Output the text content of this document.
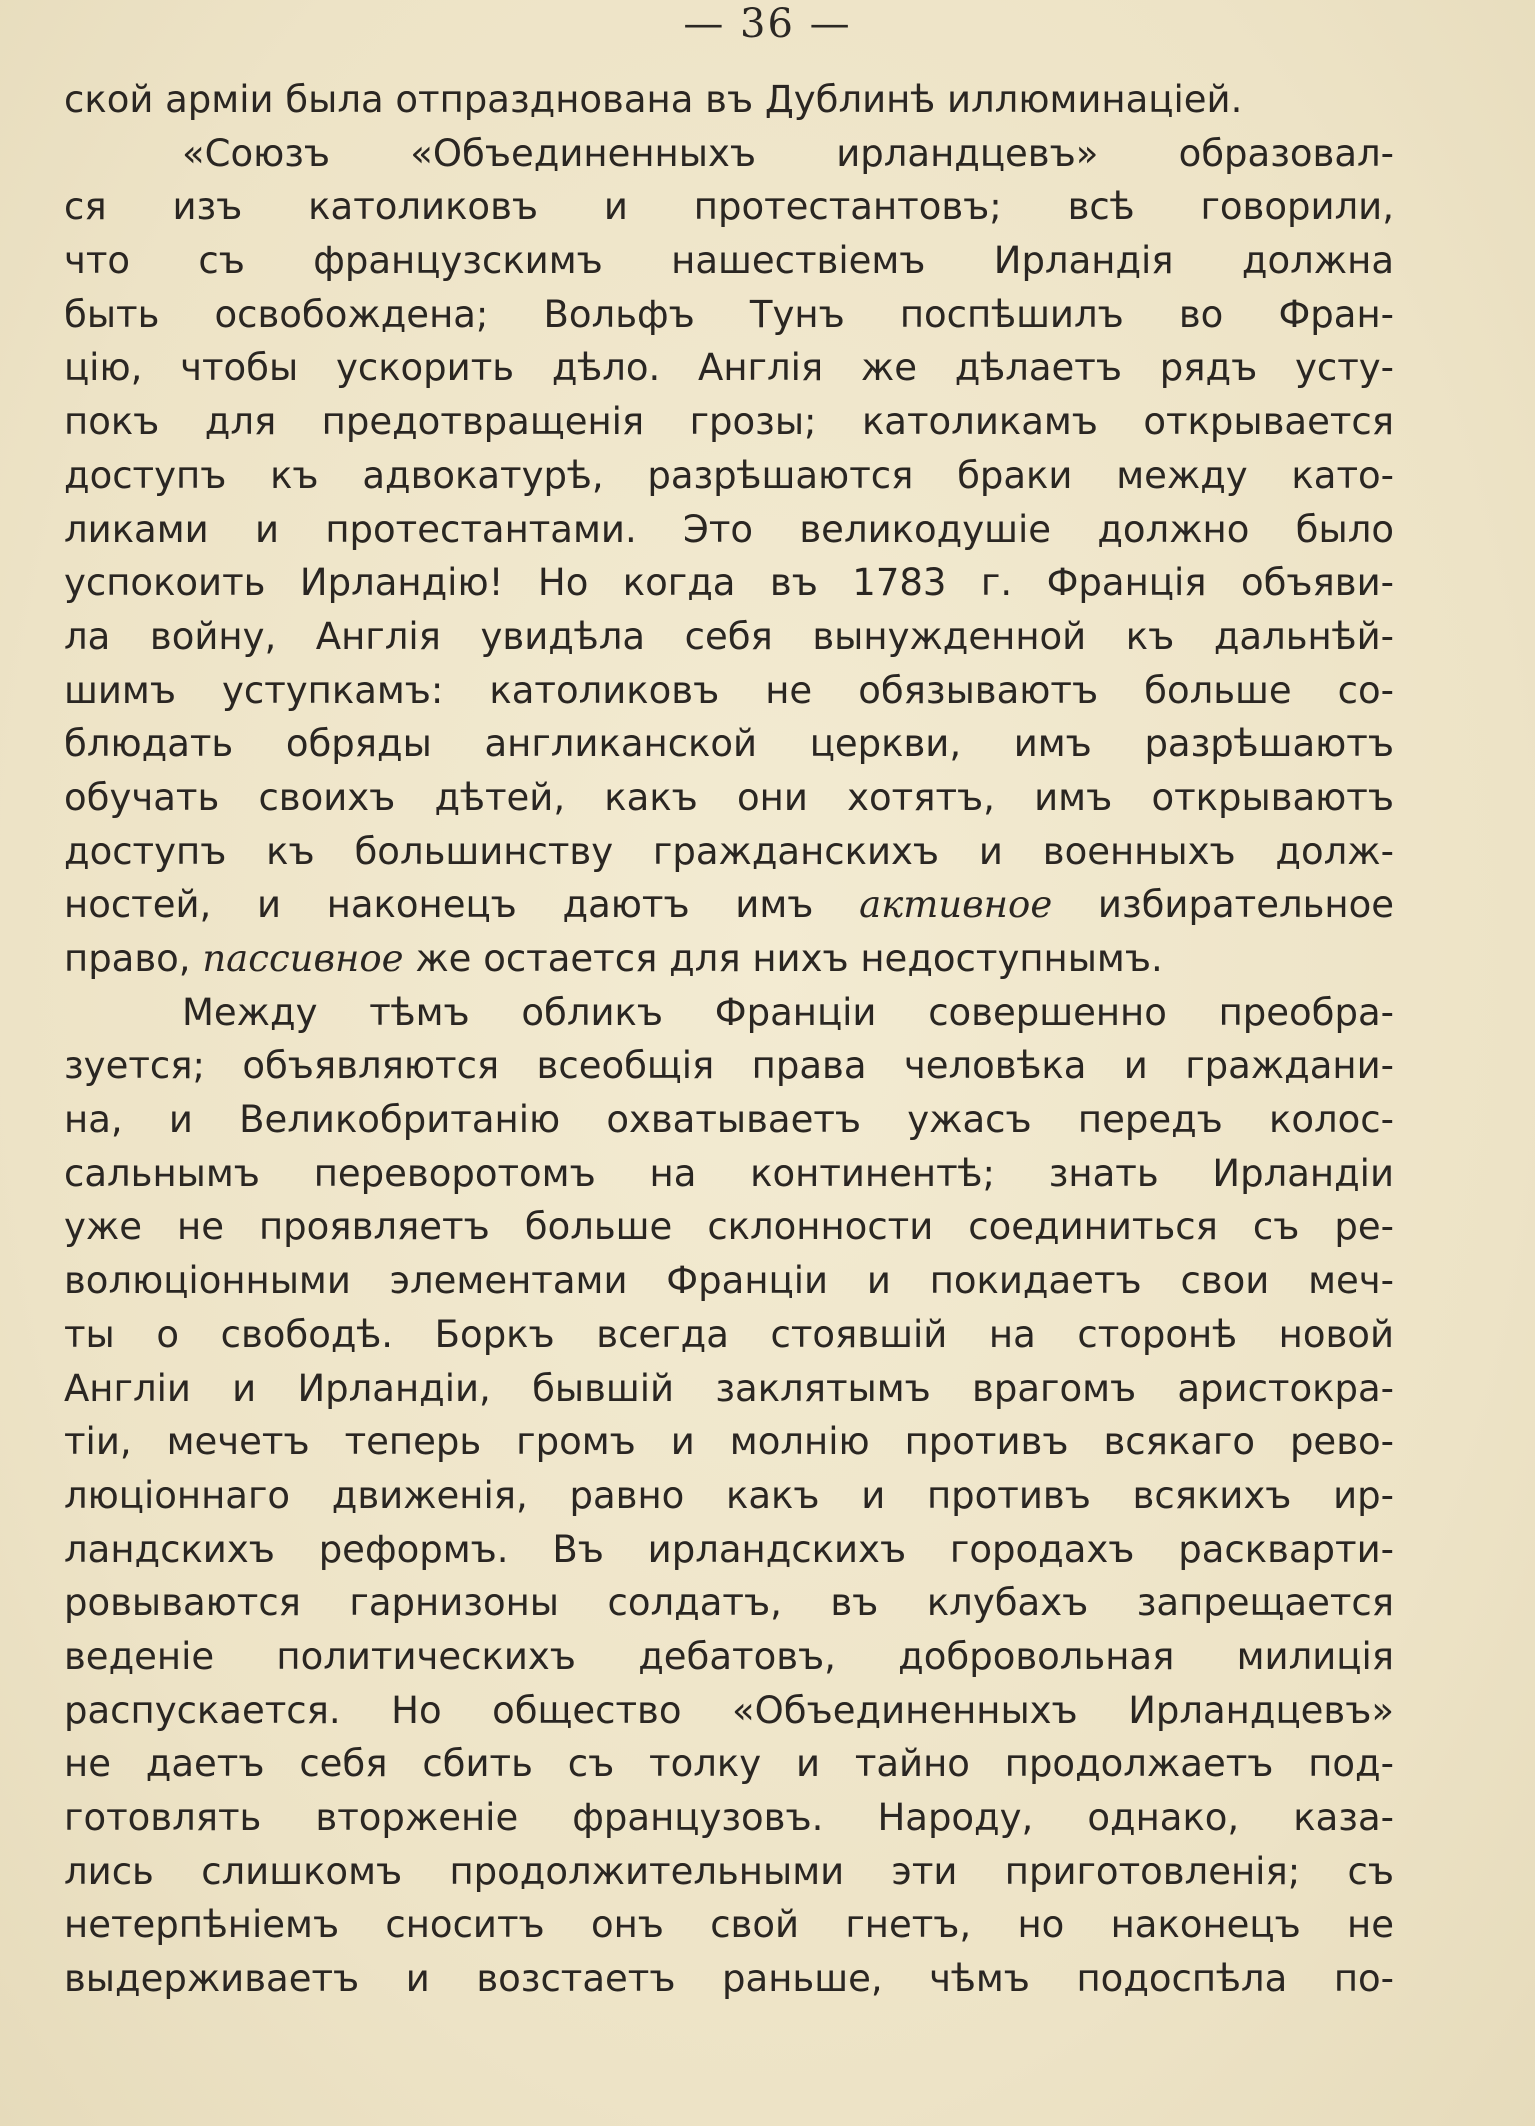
— 36 —
ской арміи была отпразднована въ Дублинѣ иллюминаціей.
«Союзъ «Объединенныхъ ирландцевъ» образовал-
ся изъ католиковъ и протестантовъ; всѣ говорили,
что съ французскимъ нашествіемъ Ирландія должна
быть освобождена; Вольфъ Тунъ поспѣшилъ во Фран-
цію, чтобы ускорить дѣло. Англія же дѣлаетъ рядъ усту-
покъ для предотвращенія грозы; католикамъ открывается
доступъ къ адвокатурѣ, разрѣшаются браки между като-
ликами и протестантами. Это великодушіе должно было
успокоить Ирландію! Но когда въ 1783 г. Франція объяви-
ла войну, Англія увидѣла себя вынужденной къ дальнѣй-
шимъ уступкамъ: католиковъ не обязываютъ больше со-
блюдать обряды англиканской церкви, имъ разрѣшаютъ
обучать своихъ дѣтей, какъ они хотятъ, имъ открываютъ
доступъ къ большинству гражданскихъ и военныхъ долж-
ностей, и наконецъ даютъ имъ активное избирательное
право, пассивное же остается для нихъ недоступнымъ.
Между тѣмъ обликъ Франціи совершенно преобра-
зуется; объявляются всеобщія права человѣка и граждани-
на, и Великобританію охватываетъ ужасъ передъ колос-
сальнымъ переворотомъ на континентѣ; знать Ирландіи
уже не проявляетъ больше склонности соединиться съ ре-
волюціонными элементами Франціи и покидаетъ свои меч-
ты о свободѣ. Боркъ всегда стоявшій на сторонѣ новой
Англіи и Ирландіи, бывшій заклятымъ врагомъ аристокра-
тіи, мечетъ теперь громъ и молнію противъ всякаго рево-
люціоннаго движенія, равно какъ и противъ всякихъ ир-
ландскихъ реформъ. Въ ирландскихъ городахъ раскварти-
ровываются гарнизоны солдатъ, въ клубахъ запрещается
веденіе политическихъ дебатовъ, добровольная милиція
распускается. Но общество «Объединенныхъ Ирландцевъ»
не даетъ себя сбить съ толку и тайно продолжаетъ под-
готовлять вторженіе французовъ. Народу, однако, каза-
лись слишкомъ продолжительными эти приготовленія; съ
нетерпѣніемъ сноситъ онъ свой гнетъ, но наконецъ не
выдерживаетъ и возстаетъ раньше, чѣмъ подоспѣла по-
